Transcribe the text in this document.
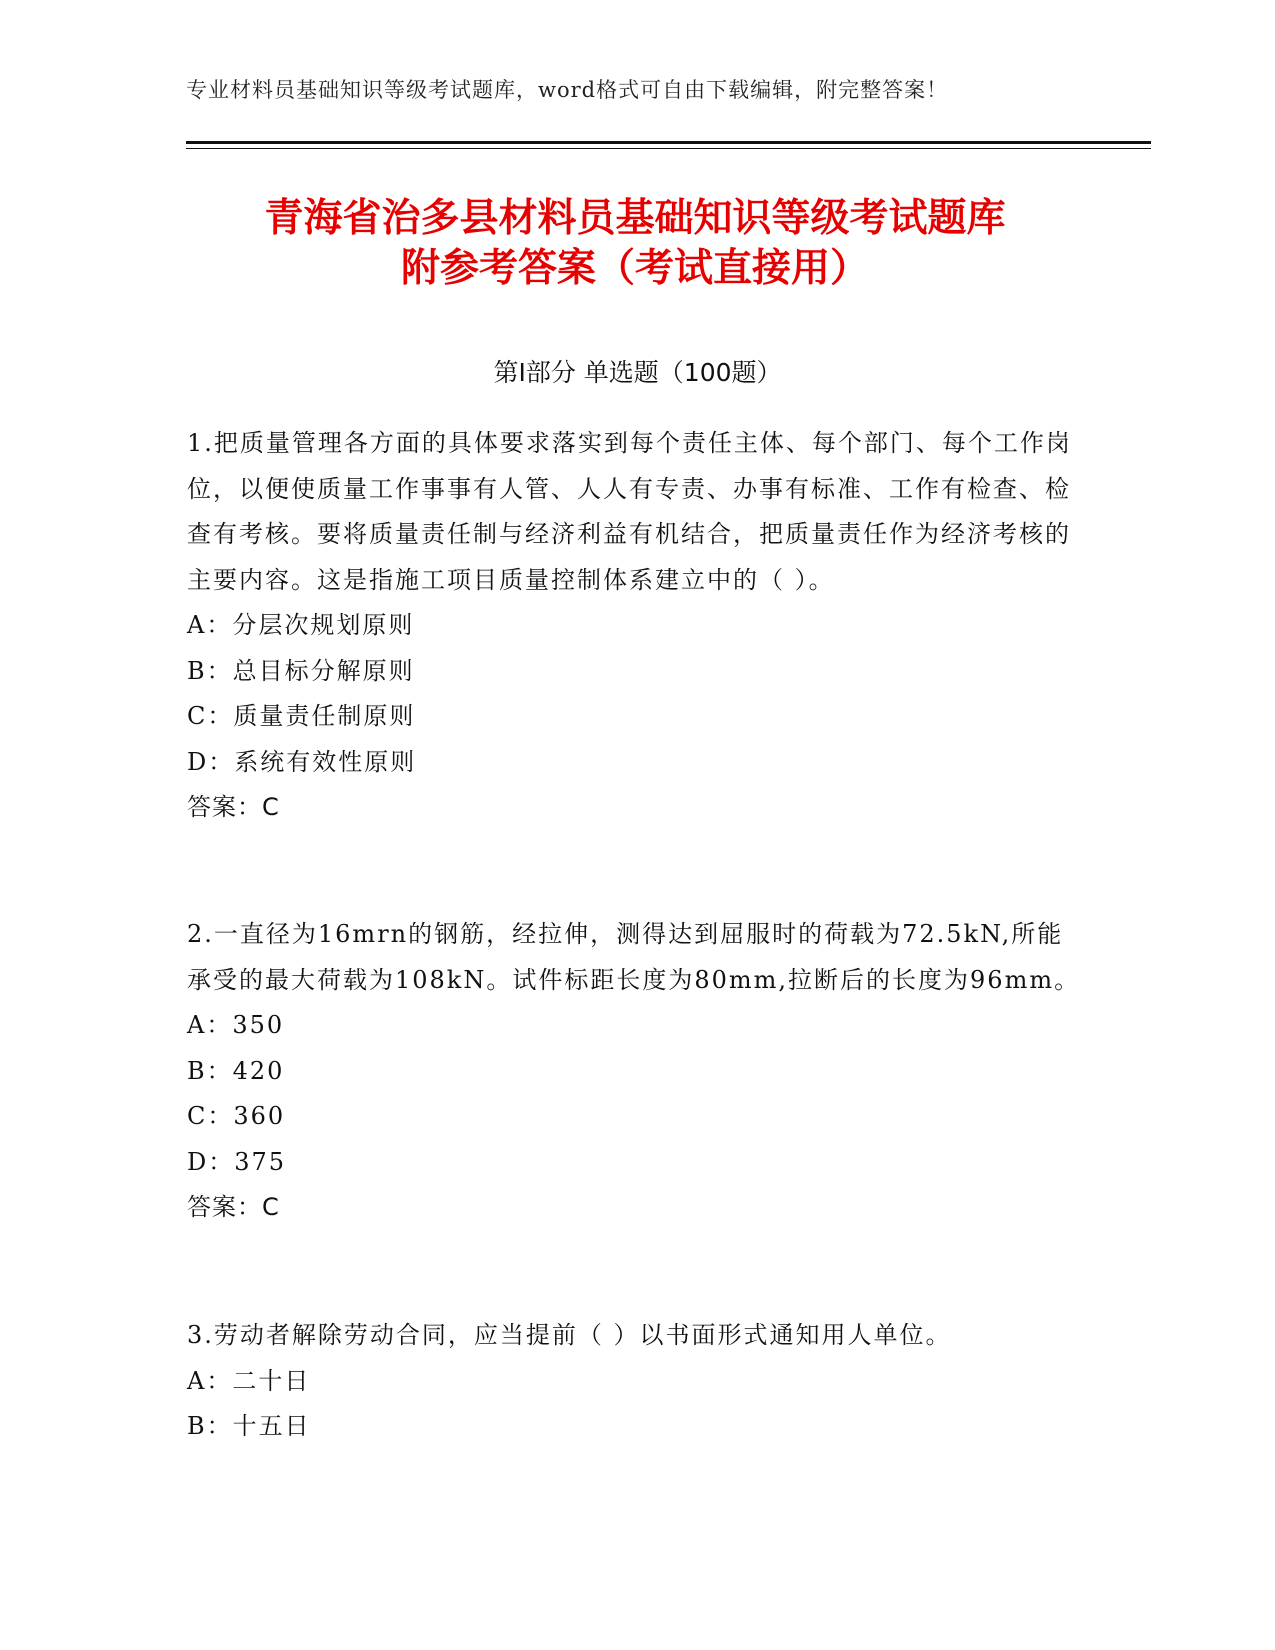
专业材料员基础知识等级考试题库，word格式可自由下载编辑，附完整答案！
青海省治多县材料员基础知识等级考试题库
附参考答案（考试直接用）
第Ⅰ部分 单选题（100题）

1.把质量管理各方面的具体要求落实到每个责任主体、每个部门、每个工作岗位，以便使质量工作事事有人管、人人有专责、办事有标准、工作有检查、检查有考核。要将质量责任制与经济利益有机结合，把质量责任作为经济考核的主要内容。这是指施工项目质量控制体系建立中的（ ）。

A：分层次规划原则

B：总目标分解原则

C：质量责任制原则

D：系统有效性原则

答案：C

2.一直径为16mrn的钢筋，经拉伸，测得达到屈服时的荷载为72.5kN,所能承受的最大荷载为108kN。试件标距长度为80mm,拉断后的长度为96mm。

A：350

B：420

C：360

D：375

答案：C

3.劳动者解除劳动合同，应当提前（ ）以书面形式通知用人单位。

A：二十日

B：十五日
